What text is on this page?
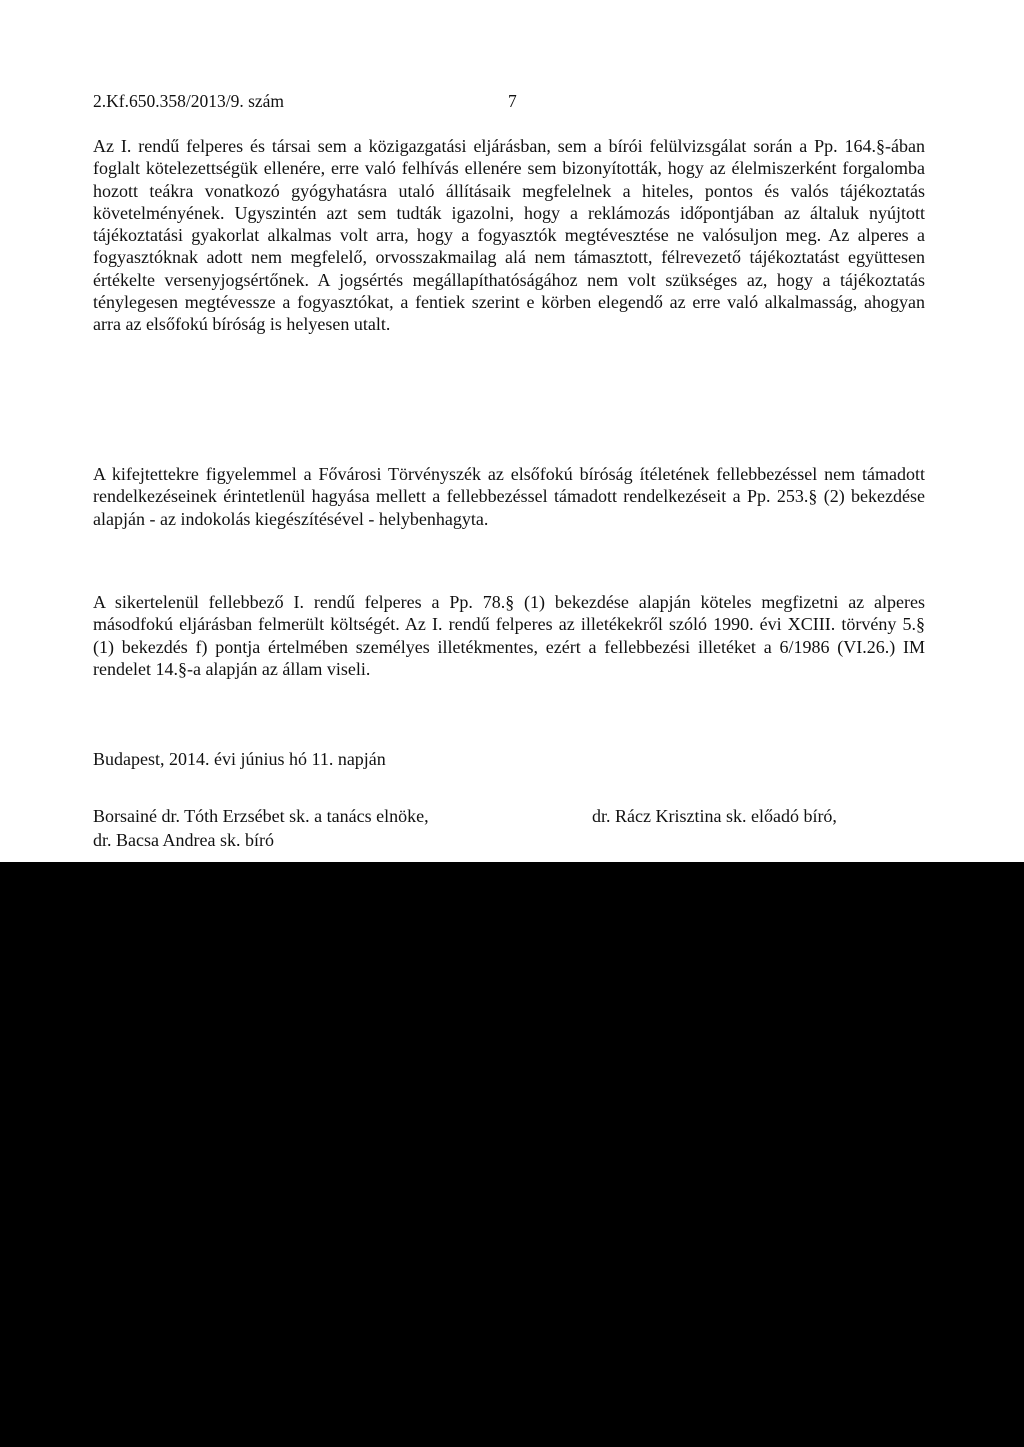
2.Kf.650.358/2013/9. szám	7
Az I. rendű felperes és társai sem a közigazgatási eljárásban, sem a bírói felülvizsgálat során a Pp. 164.§-ában foglalt kötelezettségük ellenére, erre való felhívás ellenére sem bizonyították, hogy az élelmiszerként forgalomba hozott teákra vonatkozó gyógyhatásra utaló állításaik megfelelnek a hiteles, pontos és valós tájékoztatás követelményének. Ugyszintén azt sem tudták igazolni, hogy a reklámozás időpontjában az általuk nyújtott tájékoztatási gyakorlat alkalmas volt arra, hogy a fogyasztók megtévesztése ne valósuljon meg. Az alperes a fogyasztóknak adott nem megfelelő, orvosszakmailag alá nem támasztott, félrevezető tájékoztatást együttesen értékelte versenyjogsértőnek. A jogsértés megállapíthatóságához nem volt szükséges az, hogy a tájékoztatás ténylegesen megtévessze a fogyasztókat, a fentiek szerint e körben elegendő az erre való alkalmasság, ahogyan arra az elsőfokú bíróság is helyesen utalt.
A kifejtettekre figyelemmel a Fővárosi Törvényszék az elsőfokú bíróság ítéletének fellebbezéssel nem támadott rendelkezéseinek érintetlenül hagyása mellett a fellebbezéssel támadott rendelkezéseit a Pp. 253.§ (2) bekezdése alapján - az indokolás kiegészítésével - helybenhagyta.
A sikertelenül fellebbező I. rendű felperes a Pp. 78.§ (1) bekezdése alapján köteles megfizetni az alperes másodfokú eljárásban felmerült költségét. Az I. rendű felperes az illetékekről szóló 1990. évi XCIII. törvény 5.§ (1) bekezdés f) pontja értelmében személyes illetékmentes, ezért a fellebbezési illetéket a 6/1986 (VI.26.) IM rendelet 14.§-a alapján az állam viseli.
Budapest, 2014. évi június hó 11. napján
Borsainé dr. Tóth Erzsébet sk. a tanács elnöke,	dr. Rácz Krisztina sk. előadó bíró,
dr. Bacsa Andrea sk. bíró
